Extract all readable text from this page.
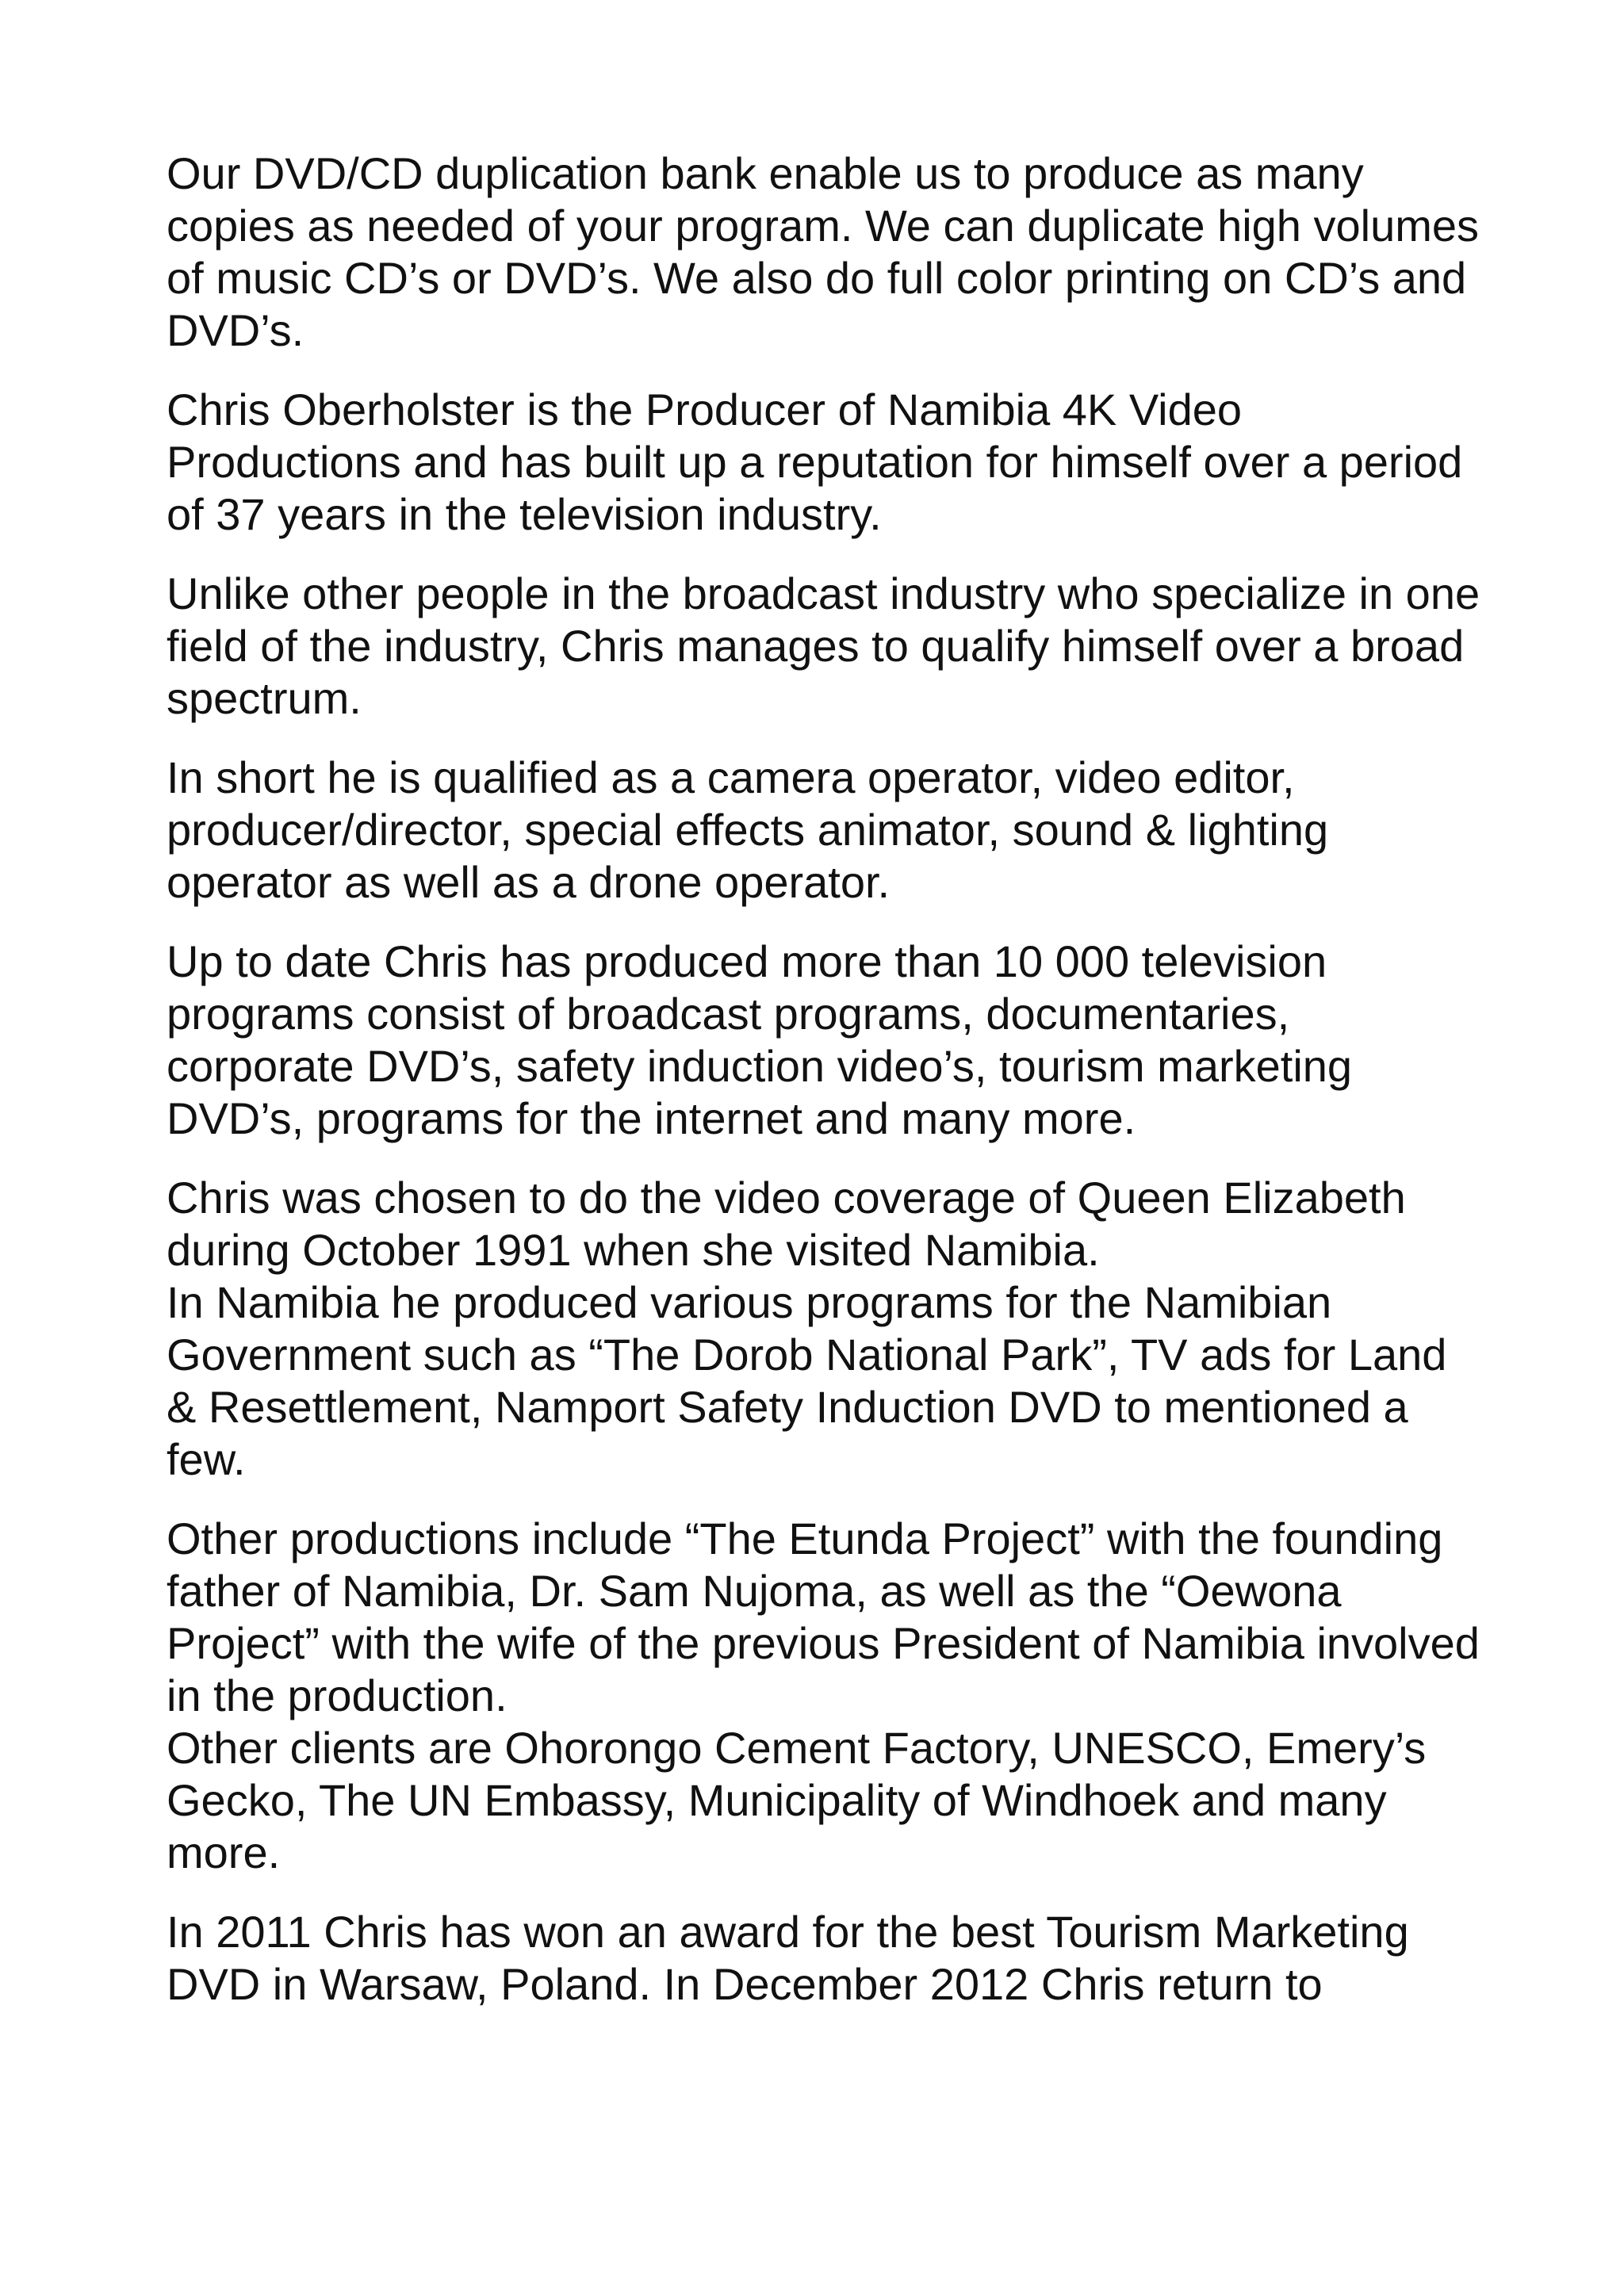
Our DVD/CD duplication bank enable us to produce as many
copies as needed of your program. We can duplicate high volumes
of music CD’s or DVD’s. We also do full color printing on CD’s and
DVD’s.

Chris Oberholster is the Producer of Namibia 4K Video
Productions and has built up a reputation for himself over a period
of 37 years in the television industry.

Unlike other people in the broadcast industry who specialize in one
field of the industry, Chris manages to qualify himself over a broad
spectrum.

In short he is qualified as a camera operator, video editor,
producer/director, special effects animator, sound & lighting
operator as well as a drone operator.

Up to date Chris has produced more than 10 000 television
programs consist of broadcast programs, documentaries,
corporate DVD’s, safety induction video’s, tourism marketing
DVD’s, programs for the internet and many more.

Chris was chosen to do the video coverage of Queen Elizabeth
during October 1991 when she visited Namibia.
In Namibia he produced various programs for the Namibian
Government such as “The Dorob National Park”, TV ads for Land
& Resettlement, Namport Safety Induction DVD to mentioned a
few.

Other productions include “The Etunda Project” with the founding
father of Namibia, Dr. Sam Nujoma, as well as the “Oewona
Project” with the wife of the previous President of Namibia involved
in the production.
Other clients are Ohorongo Cement Factory, UNESCO, Emery’s
Gecko, The UN Embassy, Municipality of Windhoek and many
more.

In 2011 Chris has won an award for the best Tourism Marketing
DVD in Warsaw, Poland. In December 2012 Chris return to
